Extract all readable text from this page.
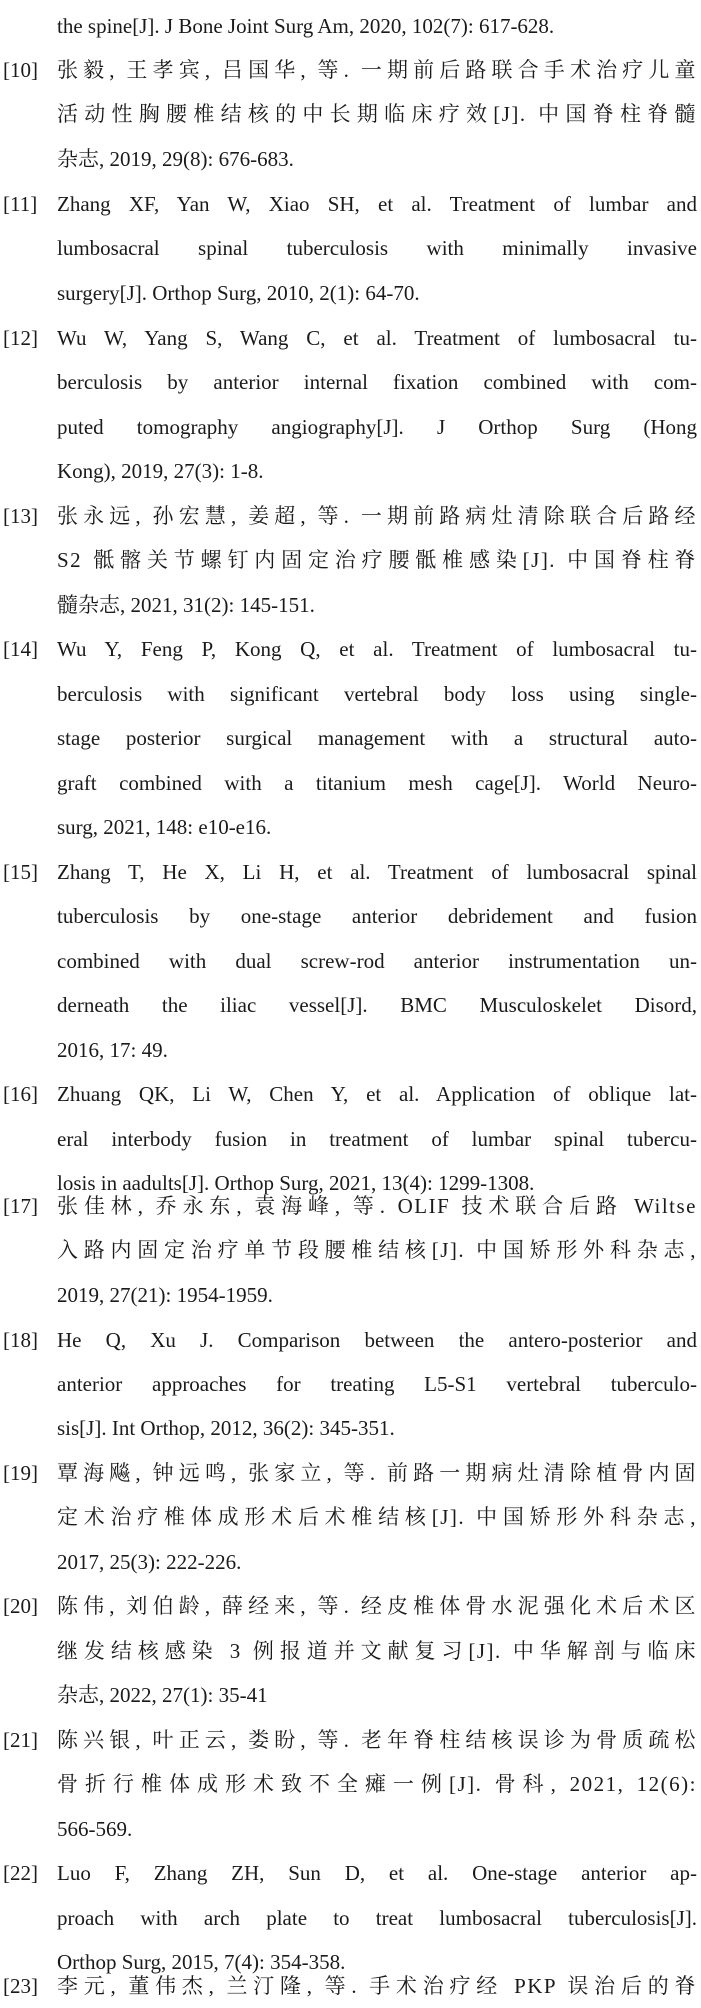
the spine[J]. J Bone Joint Surg Am, 2020, 102(7): 617-628.
[10] 张毅, 王孝宾, 吕国华, 等. 一期前后路联合手术治疗儿童
活动性胸腰椎结核的中长期临床疗效[J]. 中国脊柱脊髓
杂志, 2019, 29(8): 676-683.
[11] Zhang XF, Yan W, Xiao SH, et al. Treatment of lumbar and
lumbosacral spinal tuberculosis with minimally invasive
surgery[J]. Orthop Surg, 2010, 2(1): 64-70.
[12] Wu W, Yang S, Wang C, et al. Treatment of lumbosacral tu-
berculosis by anterior internal fixation combined with com-
puted tomography angiography[J]. J Orthop Surg (Hong
Kong), 2019, 27(3): 1-8.
[13] 张永远, 孙宏慧, 姜超, 等. 一期前路病灶清除联合后路经
S2 骶髂关节螺钉内固定治疗腰骶椎感染[J]. 中国脊柱脊
髓杂志, 2021, 31(2): 145-151.
[14] Wu Y, Feng P, Kong Q, et al. Treatment of lumbosacral tu-
berculosis with significant vertebral body loss using single-
stage posterior surgical management with a structural auto-
graft combined with a titanium mesh cage[J]. World Neuro-
surg, 2021, 148: e10-e16.
[15] Zhang T, He X, Li H, et al. Treatment of lumbosacral spinal
tuberculosis by one-stage anterior debridement and fusion
combined with dual screw-rod anterior instrumentation un-
derneath the iliac vessel[J]. BMC Musculoskelet Disord,
2016, 17: 49.
[16] Zhuang QK, Li W, Chen Y, et al. Application of oblique lat-
eral interbody fusion in treatment of lumbar spinal tubercu-
losis in aadults[J]. Orthop Surg, 2021, 13(4): 1299-1308.
[17] 张佳林, 乔永东, 袁海峰, 等. OLIF 技术联合后路 Wiltse
入路内固定治疗单节段腰椎结核[J]. 中国矫形外科杂志,
2019, 27(21): 1954-1959.
[18] He Q, Xu J. Comparison between the antero-posterior and
anterior approaches for treating L5-S1 vertebral tuberculo-
sis[J]. Int Orthop, 2012, 36(2): 345-351.
[19] 覃海飚, 钟远鸣, 张家立, 等. 前路一期病灶清除植骨内固
定术治疗椎体成形术后术椎结核[J]. 中国矫形外科杂志,
2017, 25(3): 222-226.
[20] 陈伟, 刘伯龄, 薛经来, 等. 经皮椎体骨水泥强化术后术区
继发结核感染 3 例报道并文献复习[J]. 中华解剖与临床
杂志, 2022, 27(1): 35-41
[21] 陈兴银, 叶正云, 娄盼, 等. 老年脊柱结核误诊为骨质疏松
骨折行椎体成形术致不全瘫一例[J]. 骨科, 2021, 12(6):
566-569.
[22] Luo F, Zhang ZH, Sun D, et al. One-stage anterior ap-
proach with arch plate to treat lumbosacral tuberculosis[J].
Orthop Surg, 2015, 7(4): 354-358.
[23] 李元, 董伟杰, 兰汀隆, 等. 手术治疗经 PKP 误治后的脊
